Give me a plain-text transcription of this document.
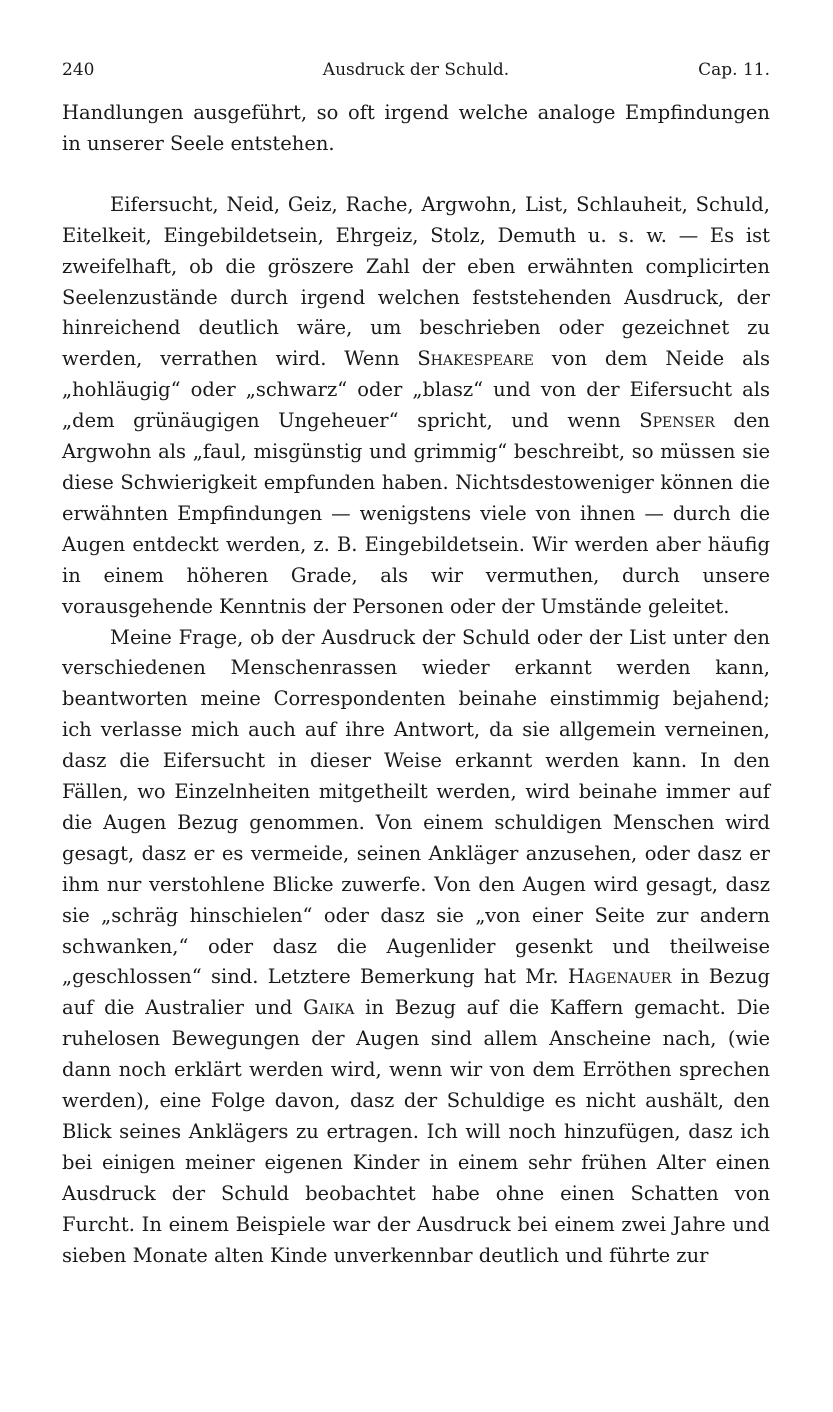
240	Ausdruck der Schuld.	Cap. 11.

Handlungen ausgeführt, so oft irgend welche analoge Empfindungen in unserer Seele entstehen.

Eifersucht, Neid, Geiz, Rache, Argwohn, List, Schlauheit, Schuld, Eitelkeit, Eingebildetsein, Ehrgeiz, Stolz, Demuth u. s. w. — Es ist zweifelhaft, ob die gröszere Zahl der eben erwähnten complicirten Seelenzustände durch irgend welchen feststehenden Ausdruck, der hinreichend deutlich wäre, um beschrieben oder gezeichnet zu werden, verrathen wird. Wenn Shakespeare von dem Neide als „hohläugig“ oder „schwarz“ oder „blasz“ und von der Eifersucht als „dem grünäugigen Ungeheuer“ spricht, und wenn Spenser den Argwohn als „faul, misgünstig und grimmig“ beschreibt, so müssen sie diese Schwierigkeit empfunden haben. Nichtsdestoweniger können die erwähnten Empfindungen — wenigstens viele von ihnen — durch die Augen entdeckt werden, z. B. Eingebildetsein. Wir werden aber häufig in einem höheren Grade, als wir vermuthen, durch unsere vorausgehende Kenntnis der Personen oder der Umstände geleitet.

Meine Frage, ob der Ausdruck der Schuld oder der List unter den verschiedenen Menschenrassen wieder erkannt werden kann, beantworten meine Correspondenten beinahe einstimmig bejahend; ich verlasse mich auch auf ihre Antwort, da sie allgemein verneinen, dasz die Eifersucht in dieser Weise erkannt werden kann. In den Fällen, wo Einzelnheiten mitgetheilt werden, wird beinahe immer auf die Augen Bezug genommen. Von einem schuldigen Menschen wird gesagt, dasz er es vermeide, seinen Ankläger anzusehen, oder dasz er ihm nur verstohlene Blicke zuwerfe. Von den Augen wird gesagt, dasz sie „schräg hinschielen“ oder dasz sie „von einer Seite zur andern schwanken,“ oder dasz die Augenlider gesenkt und theilweise „geschlossen“ sind. Letztere Bemerkung hat Mr. Hagenauer in Bezug auf die Australier und Gaika in Bezug auf die Kaffern gemacht. Die ruhelosen Bewegungen der Augen sind allem Anscheine nach, (wie dann noch erklärt werden wird, wenn wir von dem Erröthen sprechen werden), eine Folge davon, dasz der Schuldige es nicht aushält, den Blick seines Anklägers zu ertragen. Ich will noch hinzufügen, dasz ich bei einigen meiner eigenen Kinder in einem sehr frühen Alter einen Ausdruck der Schuld beobachtet habe ohne einen Schatten von Furcht. In einem Beispiele war der Ausdruck bei einem zwei Jahre und sieben Monate alten Kinde unverkennbar deutlich und führte zur
